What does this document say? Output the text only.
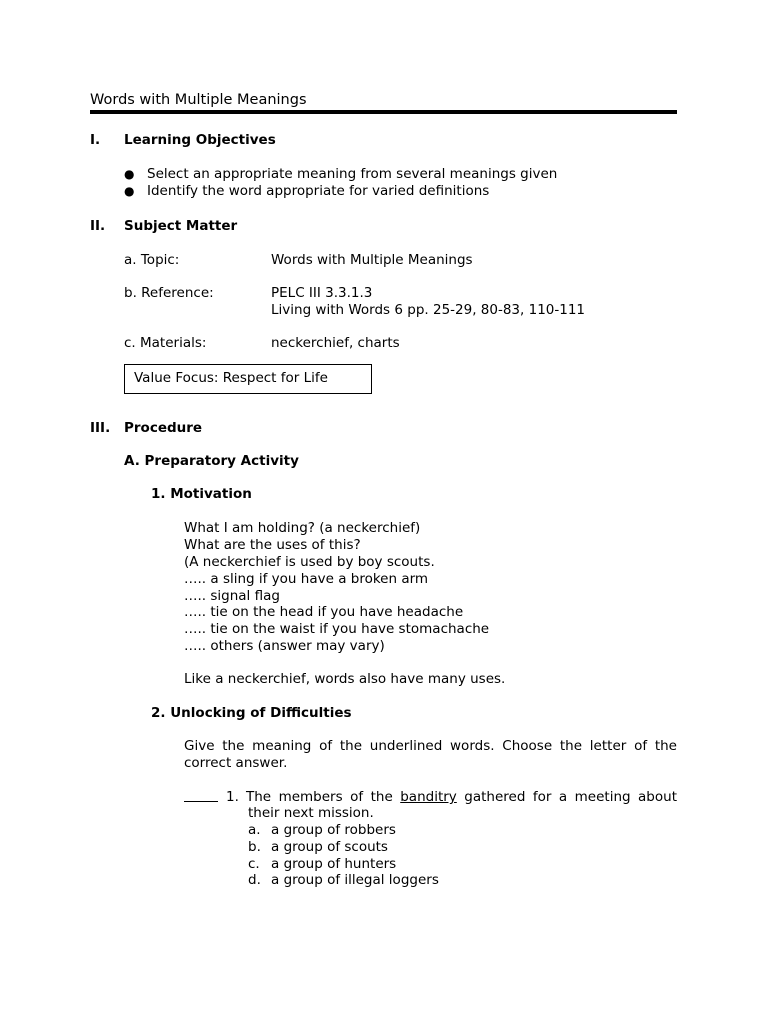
Words with Multiple Meanings
I. Learning Objectives
● Select an appropriate meaning from several meanings given
● Identify the word appropriate for varied definitions
II. Subject Matter
a. Topic:	Words with Multiple Meanings
b. Reference:	PELC III 3.3.1.3
Living with Words 6 pp. 25-29, 80-83, 110-111
c. Materials:	neckerchief, charts
Value Focus: Respect for Life
III. Procedure
A. Preparatory Activity
1. Motivation
What I am holding? (a neckerchief)
What are the uses of this?
(A neckerchief is used by boy scouts.
….. a sling if you have a broken arm
….. signal flag
….. tie on the head if you have headache
….. tie on the waist if you have stomachache
….. others (answer may vary)
Like a neckerchief, words also have many uses.
2. Unlocking of Difficulties
Give the meaning of the underlined words. Choose the letter of the correct answer.
1. The members of the banditry gathered for a meeting about
their next mission.
a. a group of robbers
b. a group of scouts
c. a group of hunters
d. a group of illegal loggers
